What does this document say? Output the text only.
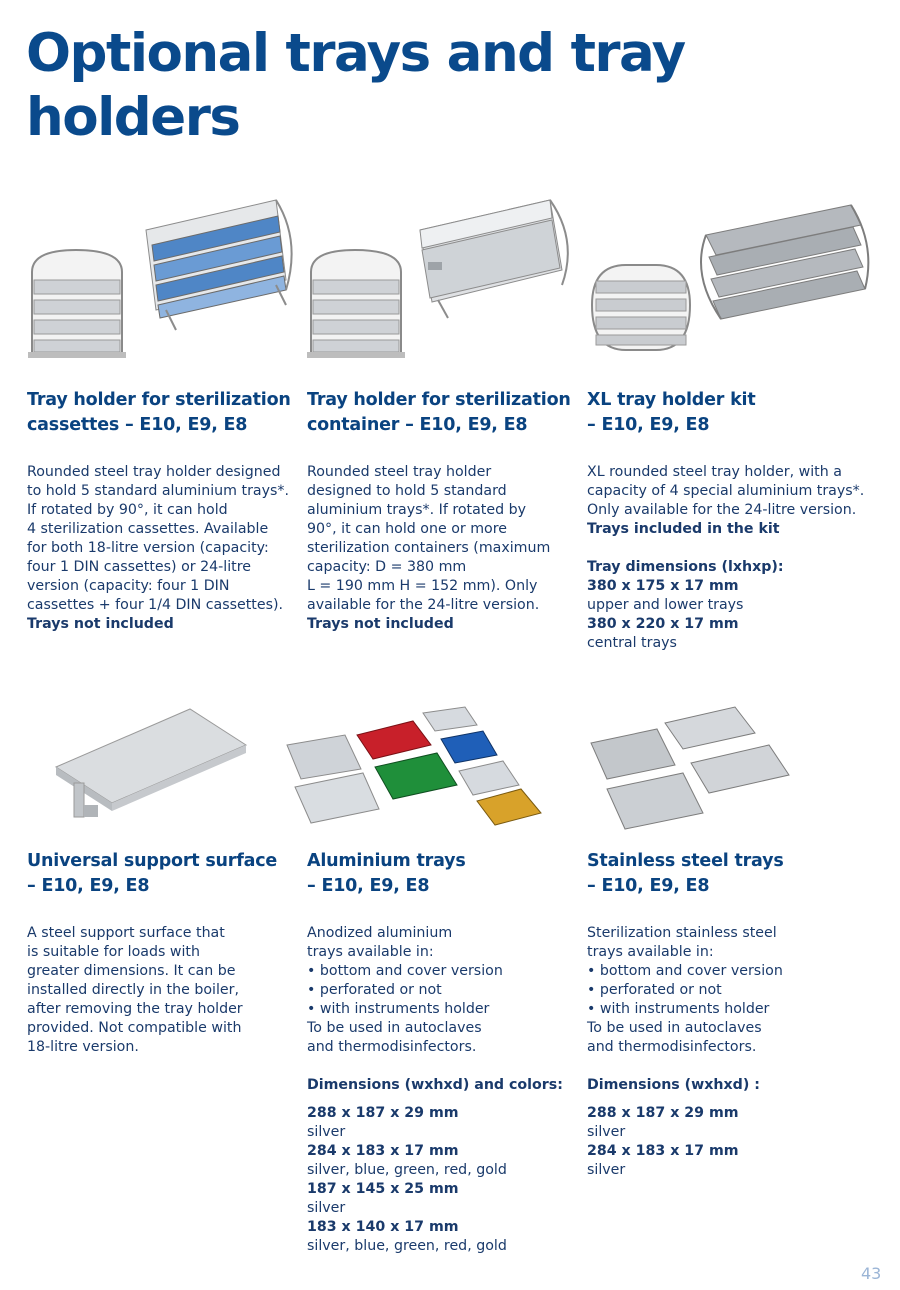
Optional trays and tray holders
Tray holder for sterilization
cassettes – E10, E9, E8
Rounded steel tray holder designed
to hold 5 standard aluminium trays*.
If rotated by 90°, it can hold
4 sterilization cassettes. Available
for both 18-litre version (capacity:
four 1 DIN cassettes) or 24-litre
version (capacity: four 1 DIN
cassettes + four 1/4 DIN cassettes).
Trays not included
Tray holder for sterilization
container – E10, E9, E8
Rounded steel tray holder
designed to hold 5 standard
aluminium trays*. If rotated by
90°, it can hold one or more
sterilization containers (maximum
capacity: D = 380 mm
L = 190 mm H = 152 mm). Only
available for the 24-litre version.
Trays not included
XL tray holder kit
– E10, E9, E8
XL rounded steel tray holder, with a
capacity of 4 special aluminium trays*.
Only available for the 24-litre version.
Trays included in the kit
Tray dimensions (lxhxp):
380 x 175 x 17 mm
upper and lower trays
380 x 220 x 17 mm
central trays
Universal support surface
– E10, E9, E8
A steel support surface that
is suitable for loads with
greater dimensions. It can be
installed directly in the boiler,
after removing the tray holder
provided. Not compatible with
18-litre version.
Aluminium trays
– E10, E9, E8
Anodized aluminium
trays available in:
• bottom and cover version
• perforated or not
• with instruments holder
To be used in autoclaves
and thermodisinfectors.
Dimensions (wxhxd) and colors:
288 x 187 x 29 mm
silver
284 x 183 x 17 mm
silver, blue, green, red, gold
187 x 145 x 25 mm
silver
183 x 140 x 17 mm
silver, blue, green, red, gold
Stainless steel trays
– E10, E9, E8
Sterilization stainless steel
trays available in:
• bottom and cover version
• perforated or not
• with instruments holder
To be used in autoclaves
and thermodisinfectors.
Dimensions (wxhxd) :
288 x 187 x 29 mm
silver
284 x 183 x 17 mm
silver
43
